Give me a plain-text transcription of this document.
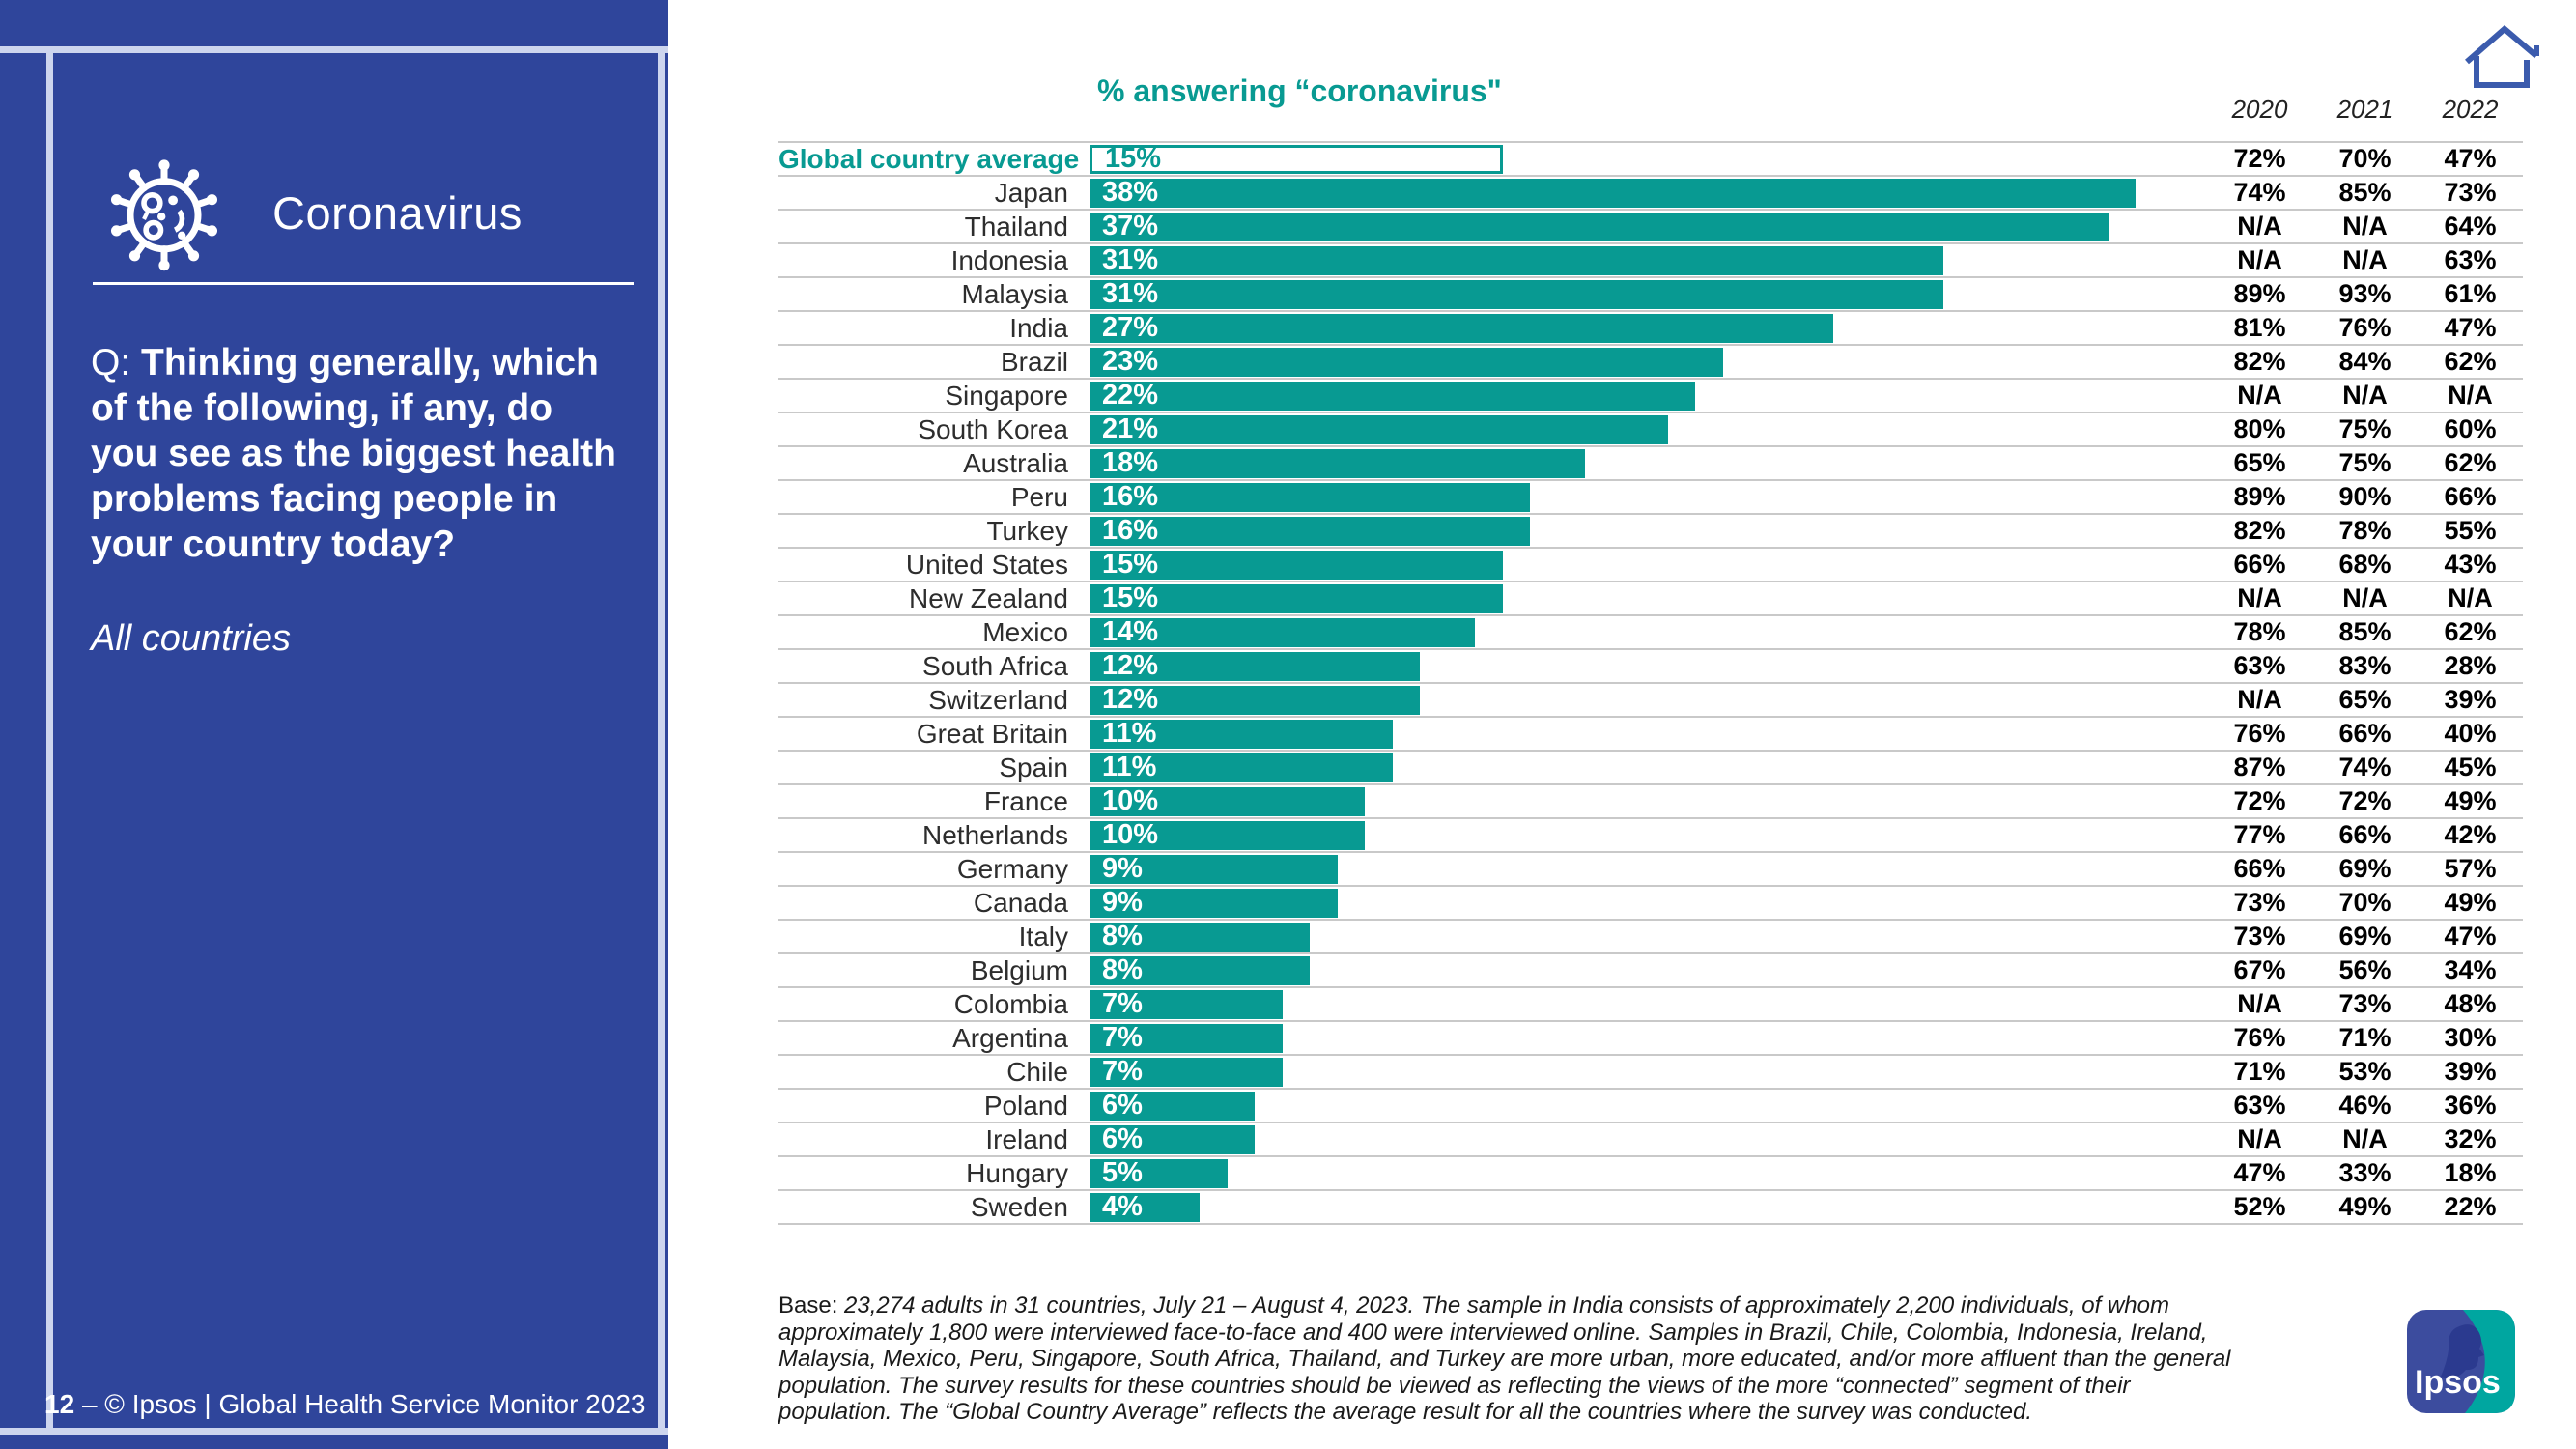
Coronavirus
Q: Thinking generally, which of the following, if any, do you see as the biggest health problems facing people in your country today?
All countries
12 – © Ipsos | Global Health Service Monitor 2023
% answering “coronavirus"
2020	2021	2022
Global country average 15%	72%	70%	47%
Japan	38%	74%	85%	73%
Thailand	37%	N/A	N/A	64%
Indonesia	31%	N/A	N/A	63%
Malaysia	31%	89%	93%	61%
India	27%	81%	76%	47%
Brazil	23%	82%	84%	62%
Singapore	22%	N/A	N/A	N/A
South Korea	21%	80%	75%	60%
Australia	18%	65%	75%	62%
Peru	16%	89%	90%	66%
Turkey	16%	82%	78%	55%
United States	15%	66%	68%	43%
New Zealand	15%	N/A	N/A	N/A
Mexico	14%	78%	85%	62%
South Africa	12%	63%	83%	28%
Switzerland	12%	N/A	65%	39%
Great Britain	11%	76%	66%	40%
Spain	11%	87%	74%	45%
France	10%	72%	72%	49%
Netherlands	10%	77%	66%	42%
Germany	9%	66%	69%	57%
Canada	9%	73%	70%	49%
Italy	8%	73%	69%	47%
Belgium	8%	67%	56%	34%
Colombia	7%	N/A	73%	48%
Argentina	7%	76%	71%	30%
Chile	7%	71%	53%	39%
Poland	6%	63%	46%	36%
Ireland	6%	N/A	N/A	32%
Hungary	5%	47%	33%	18%
Sweden	4%	52%	49%	22%
Base: 23,274 adults in 31 countries, July 21 – August 4, 2023. The sample in India consists of approximately 2,200 individuals, of whom approximately 1,800 were interviewed face-to-face and 400 were interviewed online. Samples in Brazil, Chile, Colombia, Indonesia, Ireland, Malaysia, Mexico, Peru, Singapore, South Africa, Thailand, and Turkey are more urban, more educated, and/or more affluent than the general population. The survey results for these countries should be viewed as reflecting the views of the more “connected” segment of their population. The “Global Country Average” reflects the average result for all the countries where the survey was conducted.
Ipsos
